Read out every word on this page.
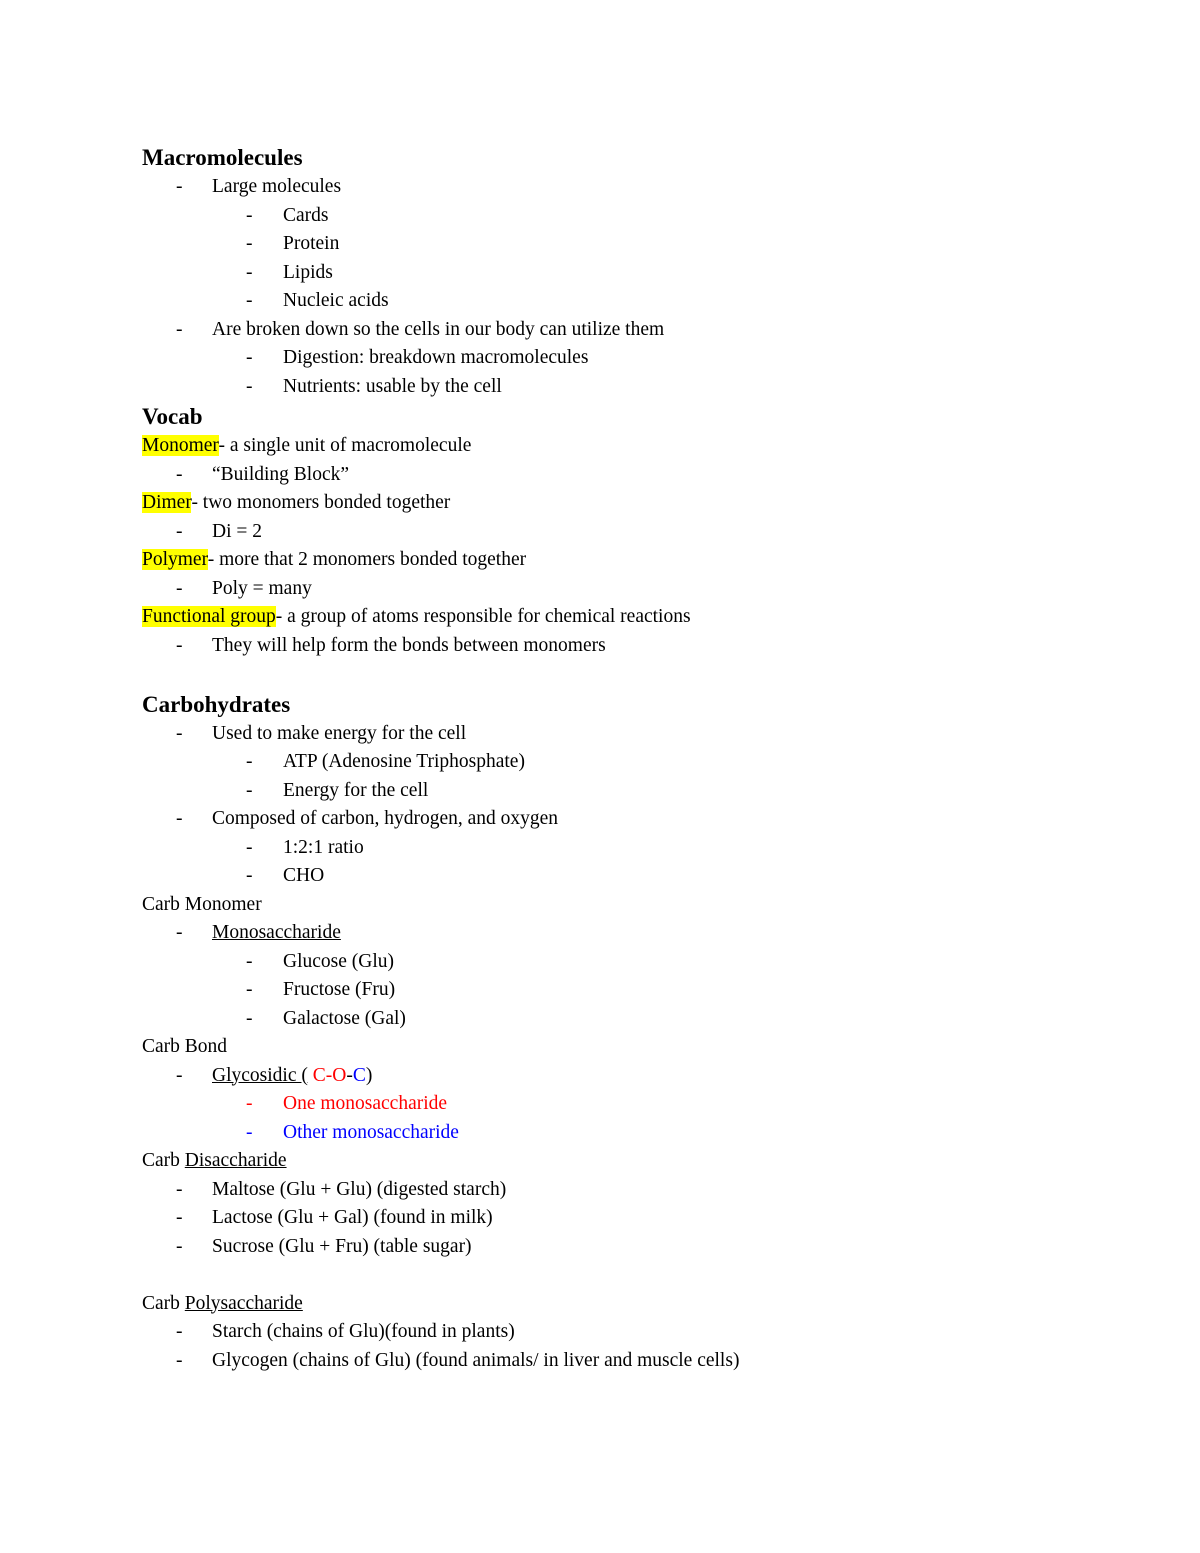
Macromolecules
- Large molecules
- Cards
- Protein
- Lipids
- Nucleic acids
- Are broken down so the cells in our body can utilize them
- Digestion: breakdown macromolecules
- Nutrients: usable by the cell
Vocab
Monomer- a single unit of macromolecule
- “Building Block”
Dimer- two monomers bonded together
- Di = 2
Polymer- more that 2 monomers bonded together
- Poly = many
Functional group- a group of atoms responsible for chemical reactions
- They will help form the bonds between monomers
Carbohydrates
- Used to make energy for the cell
- ATP (Adenosine Triphosphate)
- Energy for the cell
- Composed of carbon, hydrogen, and oxygen
- 1:2:1 ratio
- CHO
Carb Monomer
- Monosaccharide
- Glucose (Glu)
- Fructose (Fru)
- Galactose (Gal)
Carb Bond
- Glycosidic ( C-O-C)
- One monosaccharide
- Other monosaccharide
Carb Disaccharide
- Maltose (Glu + Glu) (digested starch)
- Lactose (Glu + Gal) (found in milk)
- Sucrose (Glu + Fru) (table sugar)
Carb Polysaccharide
- Starch (chains of Glu)(found in plants)
- Glycogen (chains of Glu) (found animals/ in liver and muscle cells)
